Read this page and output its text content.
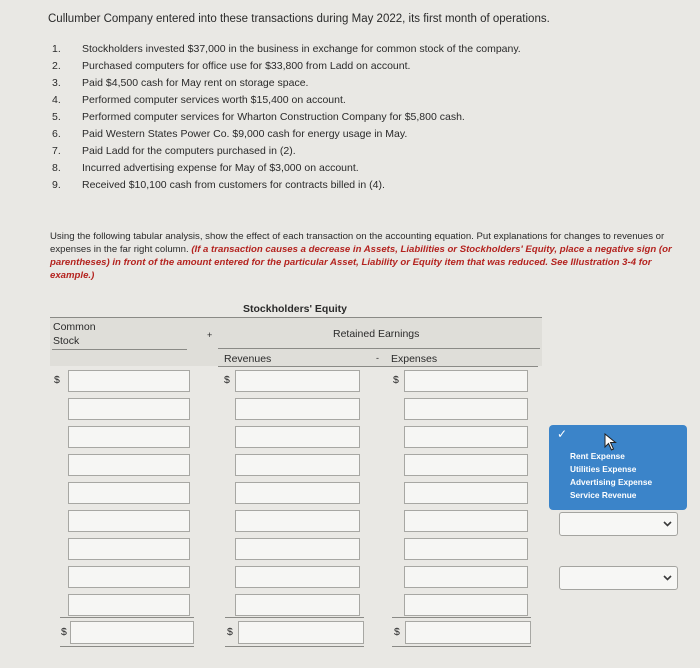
Cullumber Company entered into these transactions during May 2022, its first month of operations.
1. Stockholders invested $37,000 in the business in exchange for common stock of the company.
2. Purchased computers for office use for $33,800 from Ladd on account.
3. Paid $4,500 cash for May rent on storage space.
4. Performed computer services worth $15,400 on account.
5. Performed computer services for Wharton Construction Company for $5,800 cash.
6. Paid Western States Power Co. $9,000 cash for energy usage in May.
7. Paid Ladd for the computers purchased in (2).
8. Incurred advertising expense for May of $3,000 on account.
9. Received $10,100 cash from customers for contracts billed in (4).
Using the following tabular analysis, show the effect of each transaction on the accounting equation. Put explanations for changes to revenues or expenses in the far right column. (If a transaction causes a decrease in Assets, Liabilities or Stockholders' Equity, place a negative sign (or parentheses) in front of the amount entered for the particular Asset, Liability or Equity item that was reduced. See Illustration 3-4 for example.)
Stockholders' Equity
Common
Stock	+	Retained Earnings
Revenues	- Expenses
$	$	$
$	$	$
✓
Rent Expense
Utilities Expense
Advertising Expense
Service Revenue
